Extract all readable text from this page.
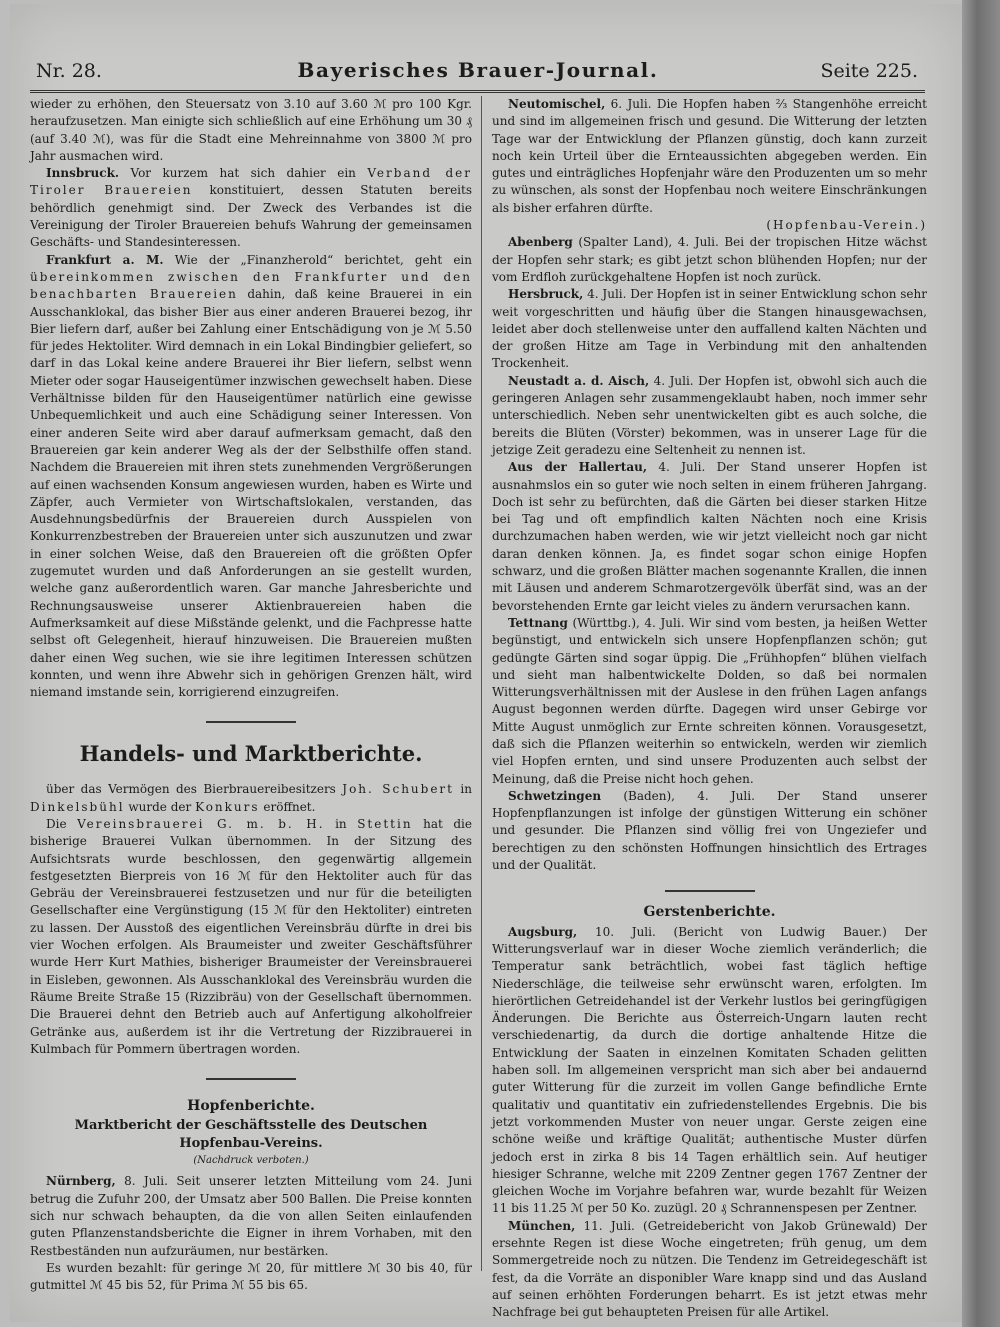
Nr. 28.	Bayerisches Brauer-Journal.	Seite 225.

wieder zu erhöhen, den Steuersatz von 3.10 auf 3.60 ℳ pro 100 Kgr. heraufzusetzen. Man einigte sich schließlich auf eine Erhöhung um 30 ₰ (auf 3.40 ℳ), was für die Stadt eine Mehreinnahme von 3800 ℳ pro Jahr ausmachen wird.

Innsbruck. Vor kurzem hat sich dahier ein Verband der Tiroler Brauereien konstituiert, dessen Statuten bereits behördlich genehmigt sind. Der Zweck des Verbandes ist die Vereinigung der Tiroler Brauereien behufs Wahrung der gemeinsamen Geschäfts- und Standesinteressen.

Frankfurt a. M. Wie der „Finanzherold“ berichtet, geht ein übereinkommen zwischen den Frankfurter und den benachbarten Brauereien dahin, daß keine Brauerei in ein Ausschanklokal, das bisher Bier aus einer anderen Brauerei bezog, ihr Bier liefern darf, außer bei Zahlung einer Entschädigung von je ℳ 5.50 für jedes Hektoliter. Wird demnach in ein Lokal Bindingbier geliefert, so darf in das Lokal keine andere Brauerei ihr Bier liefern, selbst wenn Mieter oder sogar Hauseigentümer inzwischen gewechselt haben. Diese Verhältnisse bilden für den Hauseigentümer natürlich eine gewisse Unbequemlichkeit und auch eine Schädigung seiner Interessen. Von einer anderen Seite wird aber darauf aufmerksam gemacht, daß den Brauereien gar kein anderer Weg als der der Selbsthilfe offen stand. Nachdem die Brauereien mit ihren stets zunehmenden Vergrößerungen auf einen wachsenden Konsum angewiesen wurden, haben es Wirte und Zäpfer, auch Vermieter von Wirtschaftslokalen, verstanden, das Ausdehnungsbedürfnis der Brauereien durch Ausspielen von Konkurrenzbestreben der Brauereien unter sich auszunutzen und zwar in einer solchen Weise, daß den Brauereien oft die größten Opfer zugemutet wurden und daß Anforderungen an sie gestellt wurden, welche ganz außerordentlich waren. Gar manche Jahresberichte und Rechnungsausweise unserer Aktienbrauereien haben die Aufmerksamkeit auf diese Mißstände gelenkt, und die Fachpresse hatte selbst oft Gelegenheit, hierauf hinzuweisen. Die Brauereien mußten daher einen Weg suchen, wie sie ihre legitimen Interessen schützen konnten, und wenn ihre Abwehr sich in gehörigen Grenzen hält, wird niemand imstande sein, korrigierend einzugreifen.

Handels- und Marktberichte.

über das Vermögen des Bierbrauereibesitzers Joh. Schubert in Dinkelsbühl wurde der Konkurs eröffnet.

Die Vereinsbrauerei G. m. b. H. in Stettin hat die bisherige Brauerei Vulkan übernommen. In der Sitzung des Aufsichtsrats wurde beschlossen, den gegenwärtig allgemein festgesetzten Bierpreis von 16 ℳ für den Hektoliter auch für das Gebräu der Vereinsbrauerei festzusetzen und nur für die beteiligten Gesellschafter eine Vergünstigung (15 ℳ für den Hektoliter) eintreten zu lassen. Der Ausstoß des eigentlichen Vereinsbräu dürfte in drei bis vier Wochen erfolgen. Als Braumeister und zweiter Geschäftsführer wurde Herr Kurt Mathies, bisheriger Braumeister der Vereinsbrauerei in Eisleben, gewonnen. Als Ausschanklokal des Vereinsbräu wurden die Räume Breite Straße 15 (Rizzibräu) von der Gesellschaft übernommen. Die Brauerei dehnt den Betrieb auch auf Anfertigung alkoholfreier Getränke aus, außerdem ist ihr die Vertretung der Rizzibrauerei in Kulmbach für Pommern übertragen worden.

Hopfenberichte.
Marktbericht der Geschäftsstelle des Deutschen Hopfenbau-Vereins.
(Nachdruck verboten.)

Nürnberg, 8. Juli. Seit unserer letzten Mitteilung vom 24. Juni betrug die Zufuhr 200, der Umsatz aber 500 Ballen. Die Preise konnten sich nur schwach behaupten, da die von allen Seiten einlaufenden guten Pflanzenstandsberichte die Eigner in ihrem Vorhaben, mit den Restbeständen nun aufzuräumen, nur bestärken.

Es wurden bezahlt: für geringe ℳ 20, für mittlere ℳ 30 bis 40, für gutmittel ℳ 45 bis 52, für Prima ℳ 55 bis 65.

Neutomischel, 6. Juli. Die Hopfen haben ⅔ Stangenhöhe erreicht und sind im allgemeinen frisch und gesund. Die Witterung der letzten Tage war der Entwicklung der Pflanzen günstig, doch kann zurzeit noch kein Urteil über die Ernteaussichten abgegeben werden. Ein gutes und einträgliches Hopfenjahr wäre den Produzenten um so mehr zu wünschen, als sonst der Hopfenbau noch weitere Einschränkungen als bisher erfahren dürfte.

(Hopfenbau-Verein.)

Abenberg (Spalter Land), 4. Juli. Bei der tropischen Hitze wächst der Hopfen sehr stark; es gibt jetzt schon blühenden Hopfen; nur der vom Erdfloh zurückgehaltene Hopfen ist noch zurück.

Hersbruck, 4. Juli. Der Hopfen ist in seiner Entwicklung schon sehr weit vorgeschritten und häufig über die Stangen hinausgewachsen, leidet aber doch stellenweise unter den auffallend kalten Nächten und der großen Hitze am Tage in Verbindung mit den anhaltenden Trockenheit.

Neustadt a. d. Aisch, 4. Juli. Der Hopfen ist, obwohl sich auch die geringeren Anlagen sehr zusammengeklaubt haben, noch immer sehr unterschiedlich. Neben sehr unentwickelten gibt es auch solche, die bereits die Blüten (Vörster) bekommen, was in unserer Lage für die jetzige Zeit geradezu eine Seltenheit zu nennen ist.

Aus der Hallertau, 4. Juli. Der Stand unserer Hopfen ist ausnahmslos ein so guter wie noch selten in einem früheren Jahrgang. Doch ist sehr zu befürchten, daß die Gärten bei dieser starken Hitze bei Tag und oft empfindlich kalten Nächten noch eine Krisis durchzumachen haben werden, wie wir jetzt vielleicht noch gar nicht daran denken können. Ja, es findet sogar schon einige Hopfen schwarz, und die großen Blätter machen sogenannte Krallen, die innen mit Läusen und anderem Schmarotzergevölk überfät sind, was an der bevorstehenden Ernte gar leicht vieles zu ändern verursachen kann.

Tettnang (Württbg.), 4. Juli. Wir sind vom besten, ja heißen Wetter begünstigt, und entwickeln sich unsere Hopfenpflanzen schön; gut gedüngte Gärten sind sogar üppig. Die „Frühhopfen“ blühen vielfach und sieht man halbentwickelte Dolden, so daß bei normalen Witterungsverhältnissen mit der Auslese in den frühen Lagen anfangs August begonnen werden dürfte. Dagegen wird unser Gebirge vor Mitte August unmöglich zur Ernte schreiten können. Vorausgesetzt, daß sich die Pflanzen weiterhin so entwickeln, werden wir ziemlich viel Hopfen ernten, und sind unsere Produzenten auch selbst der Meinung, daß die Preise nicht hoch gehen.

Schwetzingen (Baden), 4. Juli. Der Stand unserer Hopfenpflanzungen ist infolge der günstigen Witterung ein schöner und gesunder. Die Pflanzen sind völlig frei von Ungeziefer und berechtigen zu den schönsten Hoffnungen hinsichtlich des Ertrages und der Qualität.

Gerstenberichte.

Augsburg, 10. Juli. (Bericht von Ludwig Bauer.) Der Witterungsverlauf war in dieser Woche ziemlich veränderlich; die Temperatur sank beträchtlich, wobei fast täglich heftige Niederschläge, die teilweise sehr erwünscht waren, erfolgten. Im hierörtlichen Getreidehandel ist der Verkehr lustlos bei geringfügigen Änderungen. Die Berichte aus Österreich-Ungarn lauten recht verschiedenartig, da durch die dortige anhaltende Hitze die Entwicklung der Saaten in einzelnen Komitaten Schaden gelitten haben soll. Im allgemeinen verspricht man sich aber bei andauernd guter Witterung für die zurzeit im vollen Gange befindliche Ernte qualitativ und quantitativ ein zufriedenstellendes Ergebnis. Die bis jetzt vorkommenden Muster von neuer ungar. Gerste zeigen eine schöne weiße und kräftige Qualität; authentische Muster dürfen jedoch erst in zirka 8 bis 14 Tagen erhältlich sein. Auf heutiger hiesiger Schranne, welche mit 2209 Zentner gegen 1767 Zentner der gleichen Woche im Vorjahre befahren war, wurde bezahlt für Weizen 11 bis 11.25 ℳ per 50 Ko. zuzügl. 20 ₰ Schrannenspesen per Zentner.

München, 11. Juli. (Getreidebericht von Jakob Grünewald) Der ersehnte Regen ist diese Woche eingetreten; früh genug, um dem Sommergetreide noch zu nützen. Die Tendenz im Getreidegeschäft ist fest, da die Vorräte an disponibler Ware knapp sind und das Ausland auf seinen erhöhten Forderungen beharrt. Es ist jetzt etwas mehr Nachfrage bei gut behaupteten Preisen für alle Artikel.
